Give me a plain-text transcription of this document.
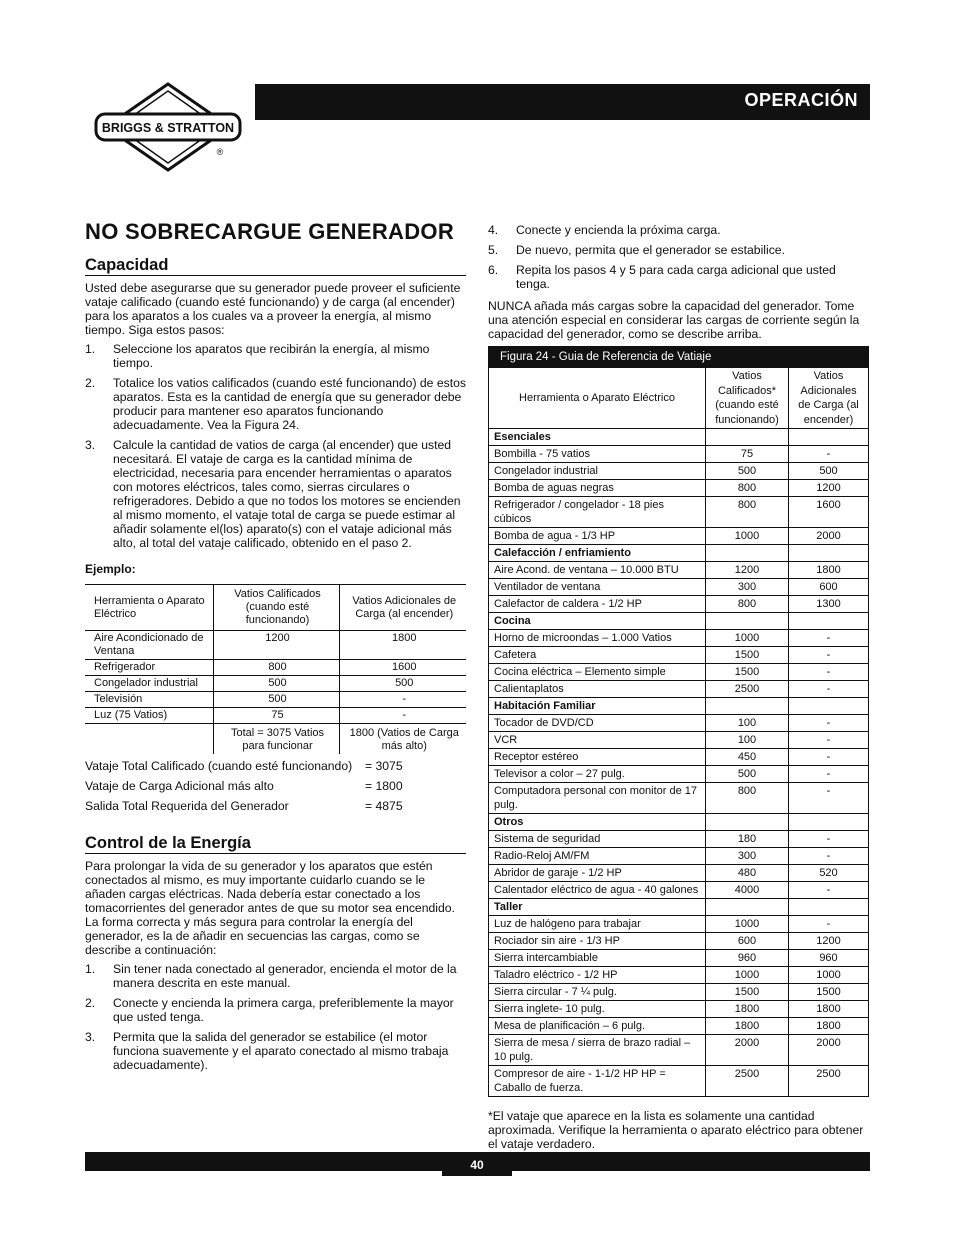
BRIGGS & STRATTON
®
OPERACIÓN
NO SOBRECARGUE GENERADOR
Capacidad

Usted debe asegurarse que su generador puede proveer el suficiente vataje calificado (cuando esté funcionando) y de carga (al encender) para los aparatos a los cuales va a proveer la energía, al mismo tiempo. Siga estos pasos:

1.	Seleccione los aparatos que recibirán la energía, al mismo tiempo.
2.	Totalice los vatios calificados (cuando esté funcionando) de estos aparatos. Esta es la cantidad de energía que su generador debe producir para mantener eso aparatos funcionando adecuadamente. Vea la Figura 24.
3.	Calcule la cantidad de vatios de carga (al encender) que usted necesitará. El vataje de carga es la cantidad mínima de electricidad, necesaria para encender herramientas o aparatos con motores eléctricos, tales como, sierras circulares o refrigeradores. Debido a que no todos los motores se encienden al mismo momento, el vataje total de carga se puede estimar al añadir solamente el(los) aparato(s) con el vataje adicional más alto, al total del vataje calificado, obtenido en el paso 2.
Ejemplo:
Herramienta o Aparato Eléctrico	Vatios Calificados (cuando esté funcionando)	Vatios Adicionales de Carga (al encender)
Aire Acondicionado de Ventana	1200	1800
Refrigerador	800	1600
Congelador industrial	500	500
Televisión	500	-
Luz (75 Vatios)	75	-
	Total = 3075 Vatios para funcionar	1800 (Vatios de Carga más alto)
Vataje Total Calificado (cuando esté funcionando)	= 3075
Vataje de Carga Adicional más alto	= 1800
Salida Total Requerida del Generador	= 4875
Control de la Energía

Para prolongar la vida de su generador y los aparatos que estén conectados al mismo, es muy importante cuidarlo cuando se le añaden cargas eléctricas. Nada debería estar conectado a los tomacorrientes del generador antes de que su motor sea encendido. La forma correcta y más segura para controlar la energía del generador, es la de añadir en secuencias las cargas, como se describe a continuación:

1.	Sin tener nada conectado al generador, encienda el motor de la manera descrita en este manual.
2.	Conecte y encienda la primera carga, preferiblemente la mayor que usted tenga.
3.	Permita que la salida del generador se estabilice (el motor funciona suavemente y el aparato conectado al mismo trabaja adecuadamente).
4.	Conecte y encienda la próxima carga.
5.	De nuevo, permita que el generador se estabilice.
6.	Repita los pasos 4 y 5 para cada carga adicional que usted tenga.

NUNCA añada más cargas sobre la capacidad del generador. Tome una atención especial en considerar las cargas de corriente según la capacidad del generador, como se describe arriba.

Figura 24 - Guia de Referencia de Vatiaje
Herramienta o Aparato Eléctrico	Vatios Calificados* (cuando esté funcionando)	Vatios Adicionales de Carga (al encender)
Esenciales		
Bombilla - 75 vatios	75	-
Congelador industrial	500	500
Bomba de aguas negras	800	1200
Refrigerador / congelador - 18 pies cúbicos	800	1600
Bomba de agua - 1/3 HP	1000	2000
Calefacción / enfriamiento		
Aire Acond. de ventana – 10.000 BTU	1200	1800
Ventilador de ventana	300	600
Calefactor de caldera - 1/2 HP	800	1300
Cocina		
Horno de microondas – 1.000 Vatios	1000	-
Cafetera	1500	-
Cocina eléctrica – Elemento simple	1500	-
Calientaplatos	2500	-
Habitación Familiar		
Tocador de DVD/CD	100	-
VCR	100	-
Receptor estéreo	450	-
Televisor a color – 27 pulg.	500	-
Computadora personal con monitor de 17 pulg.	800	-
Otros		
Sistema de seguridad	180	-
Radio-Reloj AM/FM	300	-
Abridor de garaje - 1/2 HP	480	520
Calentador eléctrico de agua - 40 galones	4000	-
Taller		
Luz de halógeno para trabajar	1000	-
Rociador sin aire - 1/3 HP	600	1200
Sierra intercambiable	960	960
Taladro eléctrico - 1/2 HP	1000	1000
Sierra circular - 7 ¼ pulg.	1500	1500
Sierra inglete- 10 pulg.	1800	1800
Mesa de planificación – 6 pulg.	1800	1800
Sierra de mesa / sierra de brazo radial – 10 pulg.	2000	2000
Compresor de aire - 1-1/2 HP HP = Caballo de fuerza.	2500	2500

*El vataje que aparece en la lista es solamente una cantidad aproximada. Verifique la herramienta o aparato eléctrico para obtener el vataje verdadero.

40
